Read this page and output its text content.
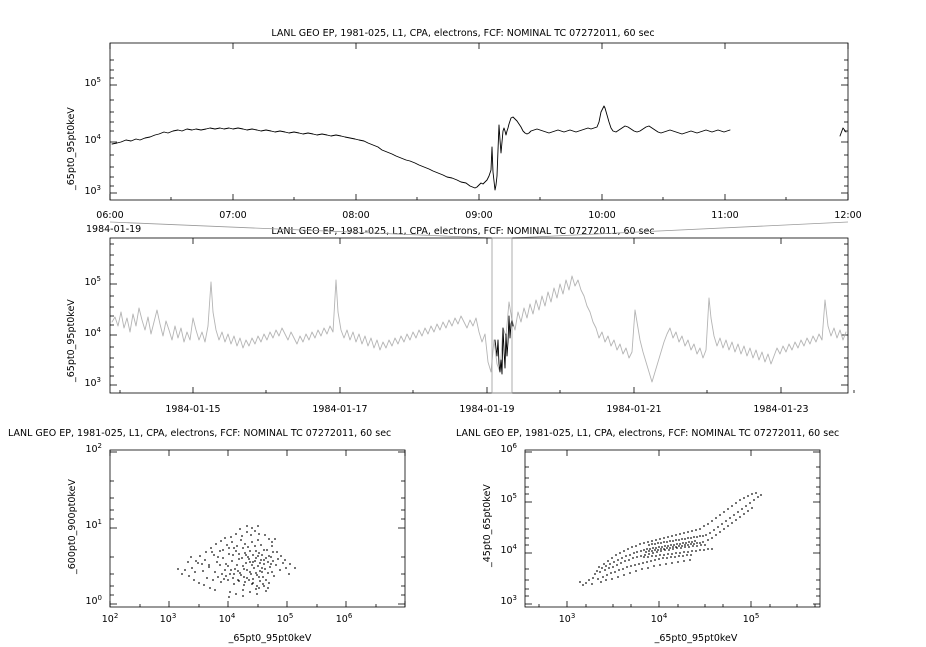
LANL GEO EP, 1981-025, L1, CPA, electrons, FCF: NOMINAL TC 07272011, 60 sec
_65pt0_95pt0keV
$10^5$
$10^4$
$10^3$
06:00	07:00	08:00	09:00	10:00	11:00	12:00
1984-01-19	LANL GEO EP, 1981-025, L1, CPA, electrons, FCF: NOMINAL TC 07272011, 60 sec
_65pt0_95pt0keV
$10^5$
$10^4$
$10^3$
1984-01-15	1984-01-17	1984-01-19	1984-01-21	1984-01-23
LANL GEO EP, 1981-025, L1, CPA, electrons, FCF: NOMINAL TC 07272011, 60 sec
_600pt0_900pt0keV
_65pt0_95pt0keV
$10^2$
$10^1$
$10^0$
$10^2$	$10^3$	$10^4$	$10^5$	$10^6$
LANL GEO EP, 1981-025, L1, CPA, electrons, FCF: NOMINAL TC 07272011, 60 sec
_45pt0_65pt0keV
_65pt0_95pt0keV
$10^6$
$10^5$
$10^4$
$10^3$
$10^3$	$10^4$	$10^5$
